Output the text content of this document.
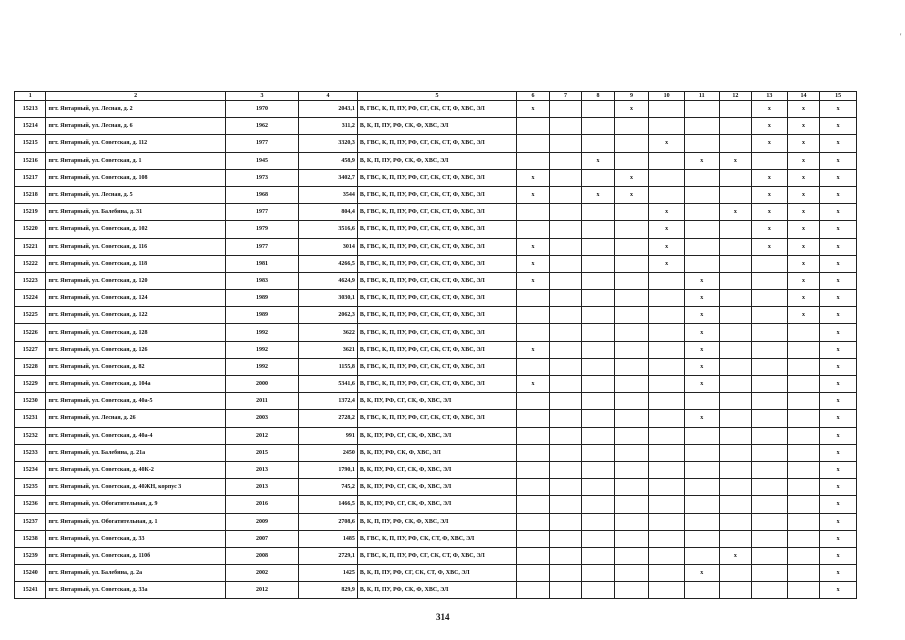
1	2	3	4	5	6	7	8	9	10	11	12	13	14	15
15213	пгт. Янтарный, ул. Лесная, д. 2	1970	2043,1	В, ГВС, К, П, ПУ, РФ, СГ, СК, СТ, Ф, ХВС, ЭЛ	x			x				x	x	x
15214	пгт. Янтарный, ул. Лесная, д. 6	1962	311,2	В, К, П, ПУ, РФ, СК, Ф, ХВС, ЭЛ								x	x	x
15215	пгт. Янтарный, ул. Советская, д. 112	1977	3320,3	В, ГВС, К, П, ПУ, РФ, СГ, СК, СТ, Ф, ХВС, ЭЛ					x			x	x	x
15216	пгт. Янтарный, ул. Советская, д. 1	1945	458,9	В, К, П, ПУ, РФ, СК, Ф, ХВС, ЭЛ			x			x	x		x	x
15217	пгт. Янтарный, ул. Советская, д. 108	1973	3402,7	В, ГВС, К, П, ПУ, РФ, СГ, СК, СТ, Ф, ХВС, ЭЛ	x			x				x	x	x
15218	пгт. Янтарный, ул. Лесная, д. 5	1968	3544	В, ГВС, К, П, ПУ, РФ, СГ, СК, СТ, Ф, ХВС, ЭЛ	x		x	x				x	x	x
15219	пгт. Янтарный, ул. Балебина, д. 31	1977	804,4	В, ГВС, К, П, ПУ, РФ, СГ, СК, СТ, Ф, ХВС, ЭЛ					x		x	x	x	x
15220	пгт. Янтарный, ул. Советская, д. 102	1979	3516,6	В, ГВС, К, П, ПУ, РФ, СГ, СК, СТ, Ф, ХВС, ЭЛ					x			x	x	x
15221	пгт. Янтарный, ул. Советская, д. 116	1977	3014	В, ГВС, К, П, ПУ, РФ, СГ, СК, СТ, Ф, ХВС, ЭЛ	x				x			x	x	x
15222	пгт. Янтарный, ул. Советская, д. 118	1981	4266,5	В, ГВС, К, П, ПУ, РФ, СГ, СК, СТ, Ф, ХВС, ЭЛ	x				x				x	x
15223	пгт. Янтарный, ул. Советская, д. 120	1983	4624,9	В, ГВС, К, П, ПУ, РФ, СГ, СК, СТ, Ф, ХВС, ЭЛ	x					x			x	x
15224	пгт. Янтарный, ул. Советская, д. 124	1989	3030,1	В, ГВС, К, П, ПУ, РФ, СГ, СК, СТ, Ф, ХВС, ЭЛ						x			x	x
15225	пгт. Янтарный, ул. Советская, д. 122	1989	2062,3	В, ГВС, К, П, ПУ, РФ, СГ, СК, СТ, Ф, ХВС, ЭЛ						x			x	x
15226	пгт. Янтарный, ул. Советская, д. 128	1992	3622	В, ГВС, К, П, ПУ, РФ, СГ, СК, СТ, Ф, ХВС, ЭЛ						x				x
15227	пгт. Янтарный, ул. Советская, д. 126	1992	3621	В, ГВС, К, П, ПУ, РФ, СГ, СК, СТ, Ф, ХВС, ЭЛ	x					x				x
15228	пгт. Янтарный, ул. Советская, д. 82	1992	1155,8	В, ГВС, К, П, ПУ, РФ, СГ, СК, СТ, Ф, ХВС, ЭЛ						x				x
15229	пгт. Янтарный, ул. Советская, д. 104а	2000	5341,6	В, ГВС, К, П, ПУ, РФ, СГ, СК, СТ, Ф, ХВС, ЭЛ	x					x				x
15230	пгт. Янтарный, ул. Советская, д. 40а-5	2011	1372,4	В, К, ПУ, РФ, СГ, СК, Ф, ХВС, ЭЛ										x
15231	пгт. Янтарный, ул. Лесная, д. 26	2003	2728,2	В, ГВС, К, П, ПУ, РФ, СГ, СК, СТ, Ф, ХВС, ЭЛ						x				x
15232	пгт. Янтарный, ул. Советская, д. 40а-4	2012	991	В, К, ПУ, РФ, СГ, СК, Ф, ХВС, ЭЛ										x
15233	пгт. Янтарный, ул. Балебина, д. 21а	2015	2450	В, К, ПУ, РФ, СК, Ф, ХВС, ЭЛ										x
15234	пгт. Янтарный, ул. Советская, д. 40К-2	2013	1790,1	В, К, ПУ, РФ, СГ, СК, Ф, ХВС, ЭЛ										x
15235	пгт. Янтарный, ул. Советская, д. 40ЖН, корпус 3	2013	745,2	В, К, ПУ, РФ, СГ, СК, Ф, ХВС, ЭЛ										x
15236	пгт. Янтарный, ул. Обогатительная, д. 9	2016	1466,5	В, К, ПУ, РФ, СГ, СК, Ф, ХВС, ЭЛ										x
15237	пгт. Янтарный, ул. Обогатительная, д. 1	2009	2708,6	В, К, П, ПУ, РФ, СК, Ф, ХВС, ЭЛ										x
15238	пгт. Янтарный, ул. Советская, д. 33	2007	1485	В, ГВС, К, П, ПУ, РФ, СК, СТ, Ф, ХВС, ЭЛ										x
15239	пгт. Янтарный, ул. Советская, д. 110б	2008	2729,1	В, ГВС, К, П, ПУ, РФ, СГ, СК, СТ, Ф, ХВС, ЭЛ							x			x
15240	пгт. Янтарный, ул. Балебина, д. 2а	2002	1425	В, К, П, ПУ, РФ, СГ, СК, СТ, Ф, ХВС, ЭЛ						x				x
15241	пгт. Янтарный, ул. Советская, д. 33а	2012	829,9	В, К, П, ПУ, РФ, СК, Ф, ХВС, ЭЛ										x
314
'
